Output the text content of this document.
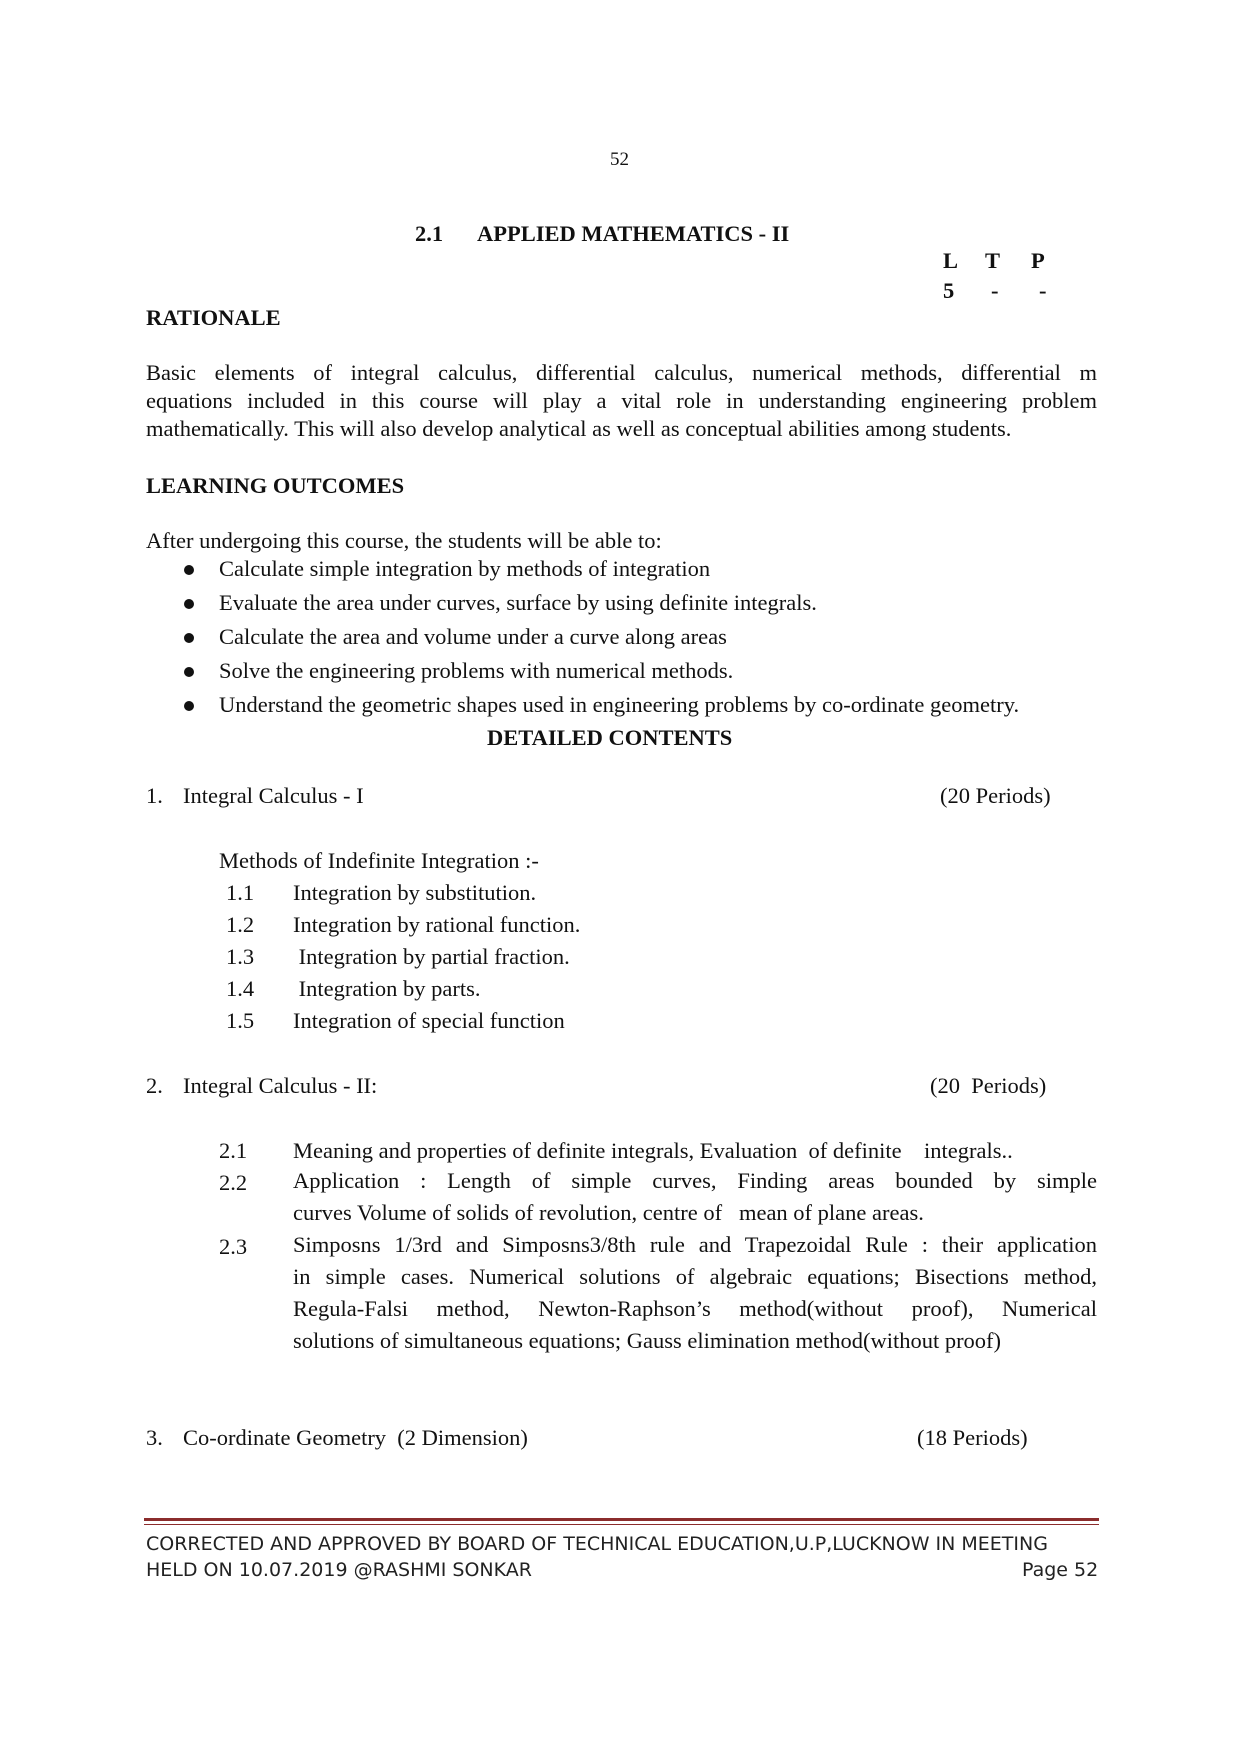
52
2.1 APPLIED MATHEMATICS - II
L T P
5 - -
RATIONALE
Basic elements of integral calculus, differential calculus, numerical methods, differential m
equations included in this course will play a vital role in understanding engineering problem
mathematically. This will also develop analytical as well as conceptual abilities among students.
LEARNING OUTCOMES
After undergoing this course, the students will be able to:
Calculate simple integration by methods of integration
Evaluate the area under curves, surface by using definite integrals.
Calculate the area and volume under a curve along areas
Solve the engineering problems with numerical methods.
Understand the geometric shapes used in engineering problems by co-ordinate geometry.
DETAILED CONTENTS
1. Integral Calculus - I	(20 Periods)
Methods of Indefinite Integration :-
1.1 Integration by substitution.
1.2 Integration by rational function.
1.3 Integration by partial fraction.
1.4 Integration by parts.
1.5 Integration of special function
2. Integral Calculus - II:	(20  Periods)
2.1 Meaning and properties of definite integrals, Evaluation  of definite    integrals..
2.2 Application : Length of simple curves, Finding areas bounded by simple
curves Volume of solids of revolution, centre of   mean of plane areas.
2.3 Simposns 1/3rd and Simposns3/8th rule and Trapezoidal Rule : their application
in simple cases. Numerical solutions of algebraic equations; Bisections method,
Regula-Falsi method, Newton-Raphson’s method(without proof), Numerical
solutions of simultaneous equations; Gauss elimination method(without proof)
3. Co-ordinate Geometry  (2 Dimension)	(18 Periods)
CORRECTED AND APPROVED BY BOARD OF TECHNICAL EDUCATION,U.P,LUCKNOW IN MEETING
HELD ON 10.07.2019 @RASHMI SONKAR	Page 52
